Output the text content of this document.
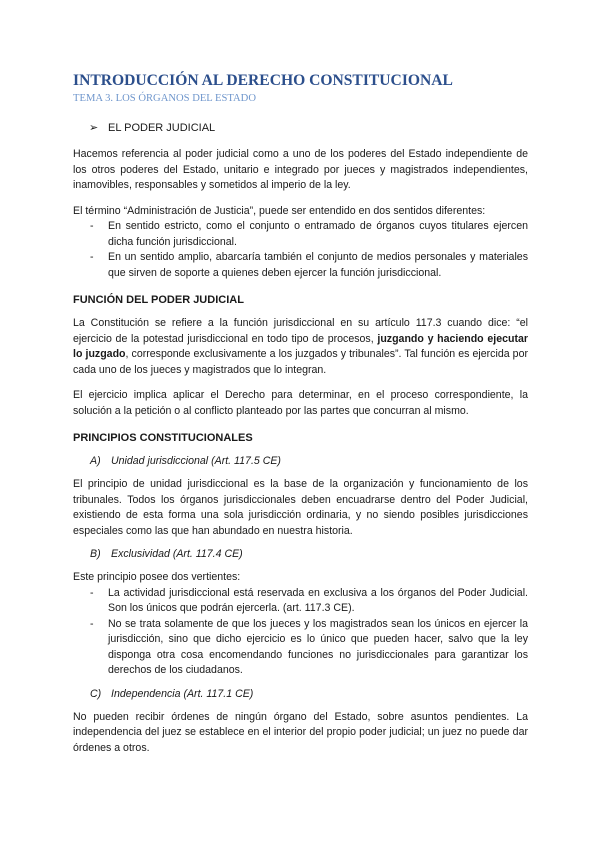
INTRODUCCIÓN AL DERECHO CONSTITUCIONAL
TEMA 3. LOS ÓRGANOS DEL ESTADO
➢ EL PODER JUDICIAL

Hacemos referencia al poder judicial como a uno de los poderes del Estado independiente de los otros poderes del Estado, unitario e integrado por jueces y magistrados independientes, inamovibles, responsables y sometidos al imperio de la ley.

El término “Administración de Justicia”, puede ser entendido en dos sentidos diferentes:

-	En sentido estricto, como el conjunto o entramado de órganos cuyos titulares ejercen dicha función jurisdiccional.
-	En un sentido amplio, abarcaría también el conjunto de medios personales y materiales que sirven de soporte a quienes deben ejercer la función jurisdiccional.
FUNCIÓN DEL PODER JUDICIAL

La Constitución se refiere a la función jurisdiccional en su artículo 117.3 cuando dice: “el ejercicio de la potestad jurisdiccional en todo tipo de procesos, juzgando y haciendo ejecutar lo juzgado, corresponde exclusivamente a los juzgados y tribunales”. Tal función es ejercida por cada uno de los jueces y magistrados que lo integran.

El ejercicio implica aplicar el Derecho para determinar, en el proceso correspondiente, la solución a la petición o al conflicto planteado por las partes que concurran al mismo.

PRINCIPIOS CONSTITUCIONALES
A) Unidad jurisdiccional (Art. 117.5 CE)

El principio de unidad jurisdiccional es la base de la organización y funcionamiento de los tribunales. Todos los órganos jurisdiccionales deben encuadrarse dentro del Poder Judicial, existiendo de esta forma una sola jurisdicción ordinaria, y no siendo posibles jurisdicciones especiales como las que han abundado en nuestra historia.

B) Exclusividad (Art. 117.4 CE)

Este principio posee dos vertientes:

-	La actividad jurisdiccional está reservada en exclusiva a los órganos del Poder Judicial. Son los únicos que podrán ejercerla. (art. 117.3 CE).
-	No se trata solamente de que los jueces y los magistrados sean los únicos en ejercer la jurisdicción, sino que dicho ejercicio es lo único que pueden hacer, salvo que la ley disponga otra cosa encomendando funciones no jurisdiccionales para garantizar los derechos de los ciudadanos.
C) Independencia (Art. 117.1 CE)

No pueden recibir órdenes de ningún órgano del Estado, sobre asuntos pendientes. La independencia del juez se establece en el interior del propio poder judicial; un juez no puede dar órdenes a otros.
